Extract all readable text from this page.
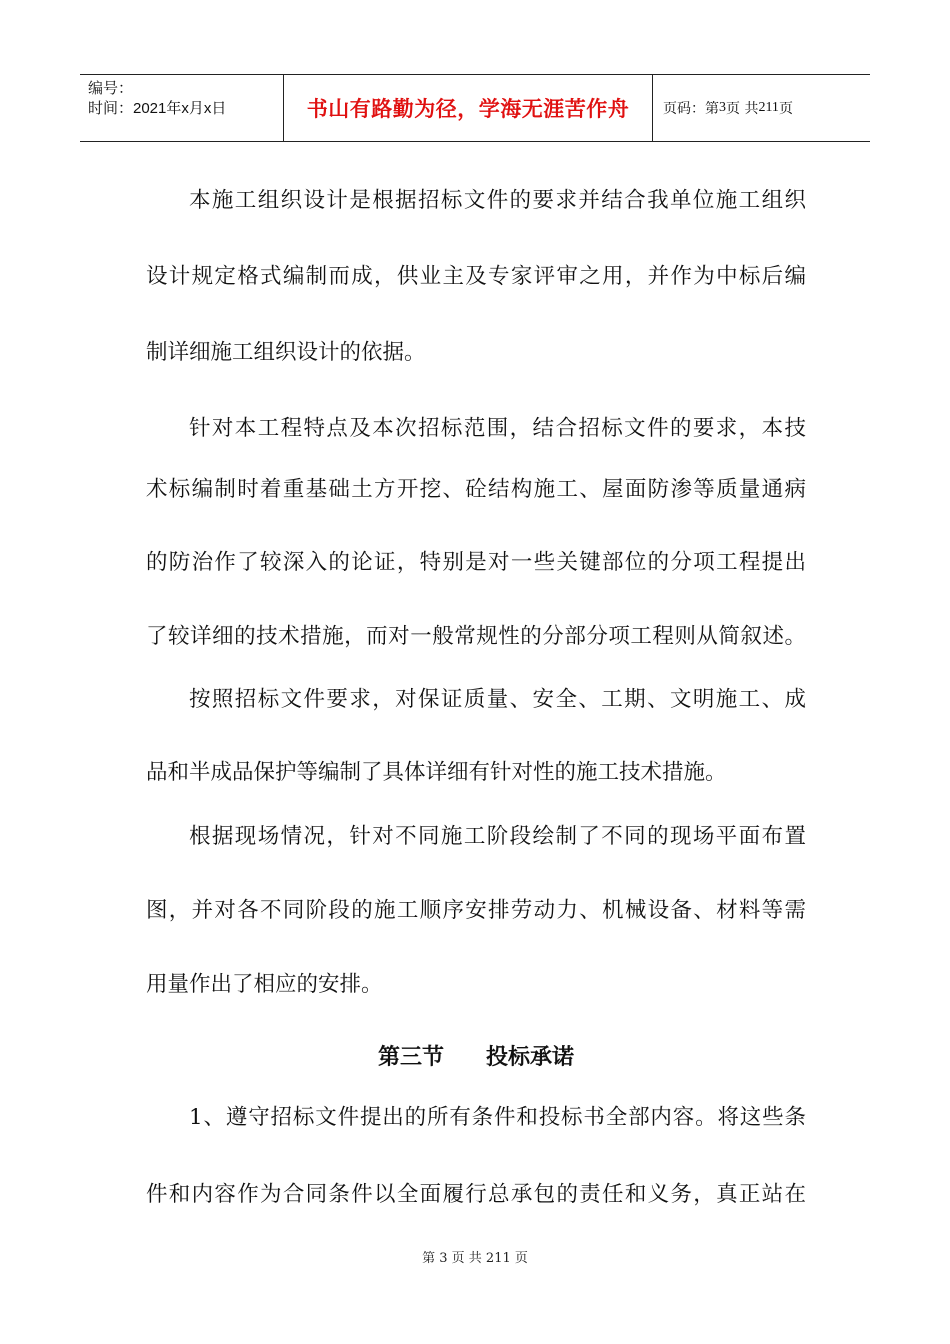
编号：
时间：2021年x月x日	书山有路勤为径，学海无涯苦作舟 页码：第 3 页 共 211 页
本施工组织设计是根据招标文件的要求并结合我单位施工组织
设计规定格式编制而成，供业主及专家评审之用，并作为中标后编
制详细施工组织设计的依据。
针对本工程特点及本次招标范围，结合招标文件的要求，本技
术标编制时着重基础土方开挖、砼结构施工、屋面防渗等质量通病
的防治作了较深入的论证，特别是对一些关键部位的分项工程提出
了较详细的技术措施，而对一般常规性的分部分项工程则从简叙述。
按照招标文件要求，对保证质量、安全、工期、文明施工、成
品和半成品保护等编制了具体详细有针对性的施工技术措施。
根据现场情况，针对不同施工阶段绘制了不同的现场平面布置
图，并对各不同阶段的施工顺序安排劳动力、机械设备、材料等需
用量作出了相应的安排。
第三节 投标承诺
1、遵守招标文件提出的所有条件和投标书全部内容。将这些条
件和内容作为合同条件以全面履行总承包的责任和义务，真正站在
第 3 页 共 211 页
